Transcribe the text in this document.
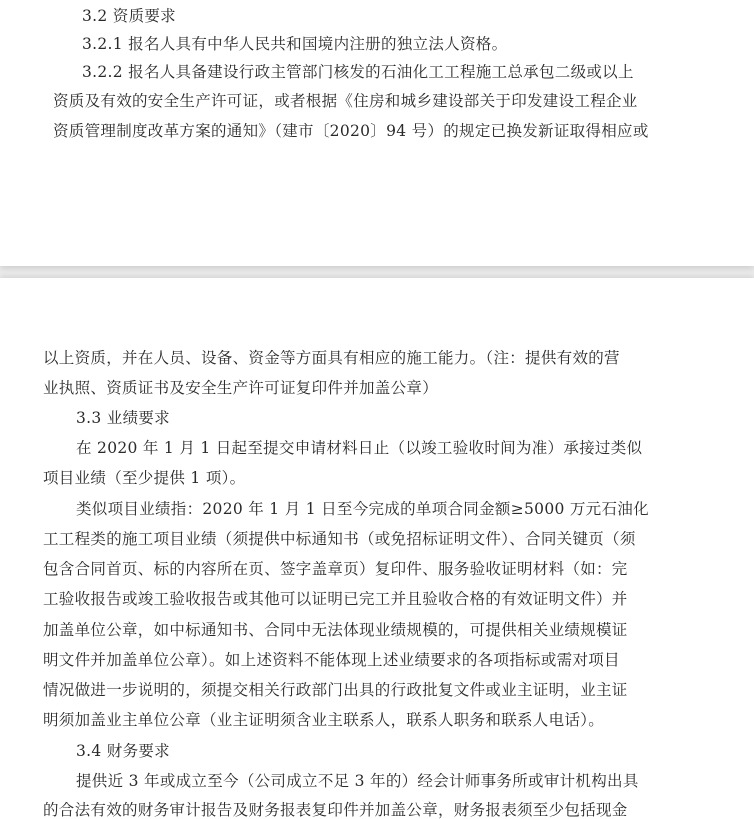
3.2 资质要求
3.2.1 报名人具有中华人民共和国境内注册的独立法人资格。
3.2.2 报名人具备建设行政主管部门核发的石油化工工程施工总承包二级或以上
资质及有效的安全生产许可证，或者根据《住房和城乡建设部关于印发建设工程企业
资质管理制度改革方案的通知》（建市〔2020〕94 号）的规定已换发新证取得相应或
以上资质，并在人员、设备、资金等方面具有相应的施工能力。（注：提供有效的营
业执照、资质证书及安全生产许可证复印件并加盖公章）
3.3 业绩要求
在 2020 年 1 月 1 日起至提交申请材料日止（以竣工验收时间为准）承接过类似
项目业绩（至少提供 1 项）。
类似项目业绩指：2020 年 1 月 1 日至今完成的单项合同金额≥5000 万元石油化
工工程类的施工项目业绩（须提供中标通知书（或免招标证明文件）、合同关键页（须
包含合同首页、标的内容所在页、签字盖章页）复印件、服务验收证明材料（如：完
工验收报告或竣工验收报告或其他可以证明已完工并且验收合格的有效证明文件）并
加盖单位公章，如中标通知书、合同中无法体现业绩规模的，可提供相关业绩规模证
明文件并加盖单位公章）。如上述资料不能体现上述业绩要求的各项指标或需对项目
情况做进一步说明的，须提交相关行政部门出具的行政批复文件或业主证明，业主证
明须加盖业主单位公章（业主证明须含业主联系人，联系人职务和联系人电话）。
3.4 财务要求
提供近 3 年或成立至今（公司成立不足 3 年的）经会计师事务所或审计机构出具
的合法有效的财务审计报告及财务报表复印件并加盖公章，财务报表须至少包括现金
